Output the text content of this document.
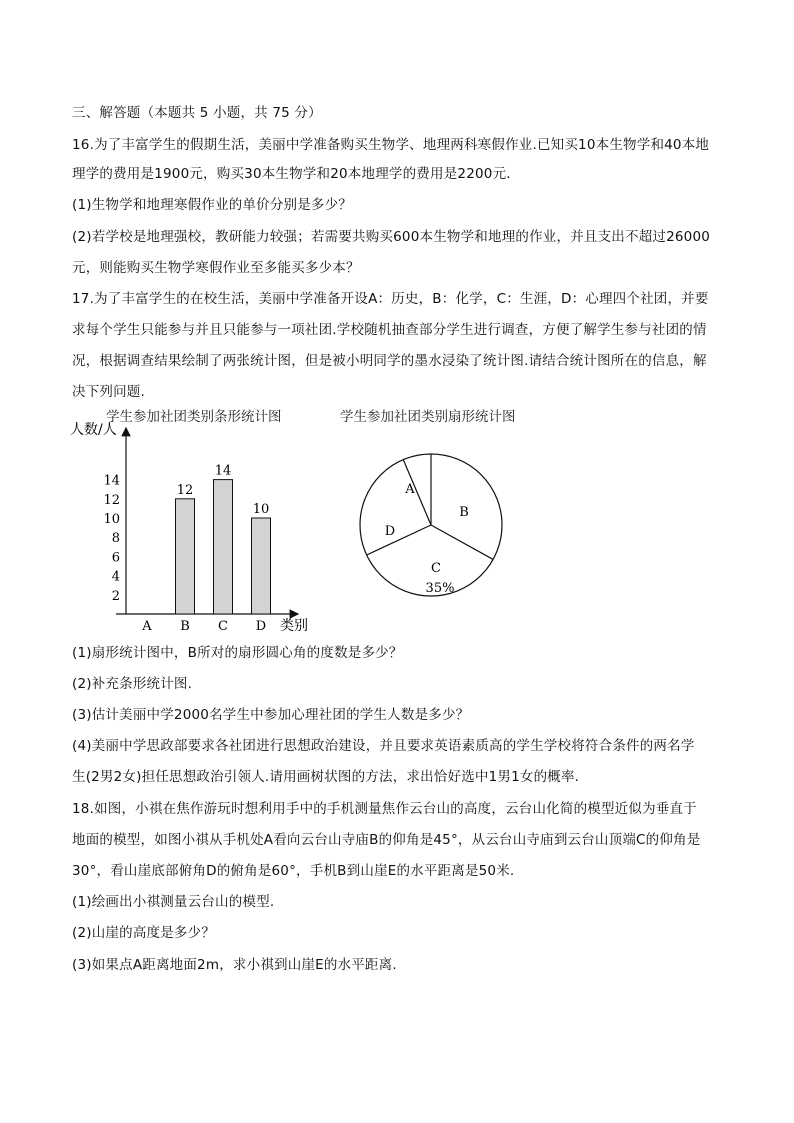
三、解答题（本题共 5 小题，共 75 分）
16.为了丰富学生的假期生活，美丽中学准备购买生物学、地理两科寒假作业.已知买10本生物学和40本地
理学的费用是1900元，购买30本生物学和20本地理学的费用是2200元.
(1)生物学和地理寒假作业的单价分别是多少？
(2)若学校是地理强校，教研能力较强；若需要共购买600本生物学和地理的作业，并且支出不超过26000
元，则能购买生物学寒假作业至多能买多少本？
17.为了丰富学生的在校生活，美丽中学准备开设A：历史，B：化学，C：生涯，D：心理四个社团，并要
求每个学生只能参与并且只能参与一项社团.学校随机抽查部分学生进行调查，方便了解学生参与社团的情
况，根据调查结果绘制了两张统计图，但是被小明同学的墨水浸染了统计图.请结合统计图所在的信息，解
决下列问题.
学生参加社团类别条形统计图	学生参加社团类别扇形统计图
人数/人
类别
2
4
6
8
10
12
14
A
12
B
14
C
10
D
A
B
C
35%
D
(1)扇形统计图中，B所对的扇形圆心角的度数是多少？
(2)补充条形统计图.
(3)估计美丽中学2000名学生中参加心理社团的学生人数是多少？
(4)美丽中学思政部要求各社团进行思想政治建设，并且要求英语素质高的学生学校将符合条件的两名学
生(2男2女)担任思想政治引领人.请用画树状图的方法，求出恰好选中1男1女的概率.
18.如图，小祺在焦作游玩时想利用手中的手机测量焦作云台山的高度，云台山化简的模型近似为垂直于
地面的模型，如图小祺从手机处A看向云台山寺庙B的仰角是45°，从云台山寺庙到云台山顶端C的仰角是
30°，看山崖底部俯角D的俯角是60°，手机B到山崖E的水平距离是50米.
(1)绘画出小祺测量云台山的模型.
(2)山崖的高度是多少？
(3)如果点A距离地面2m，求小祺到山崖E的水平距离.
